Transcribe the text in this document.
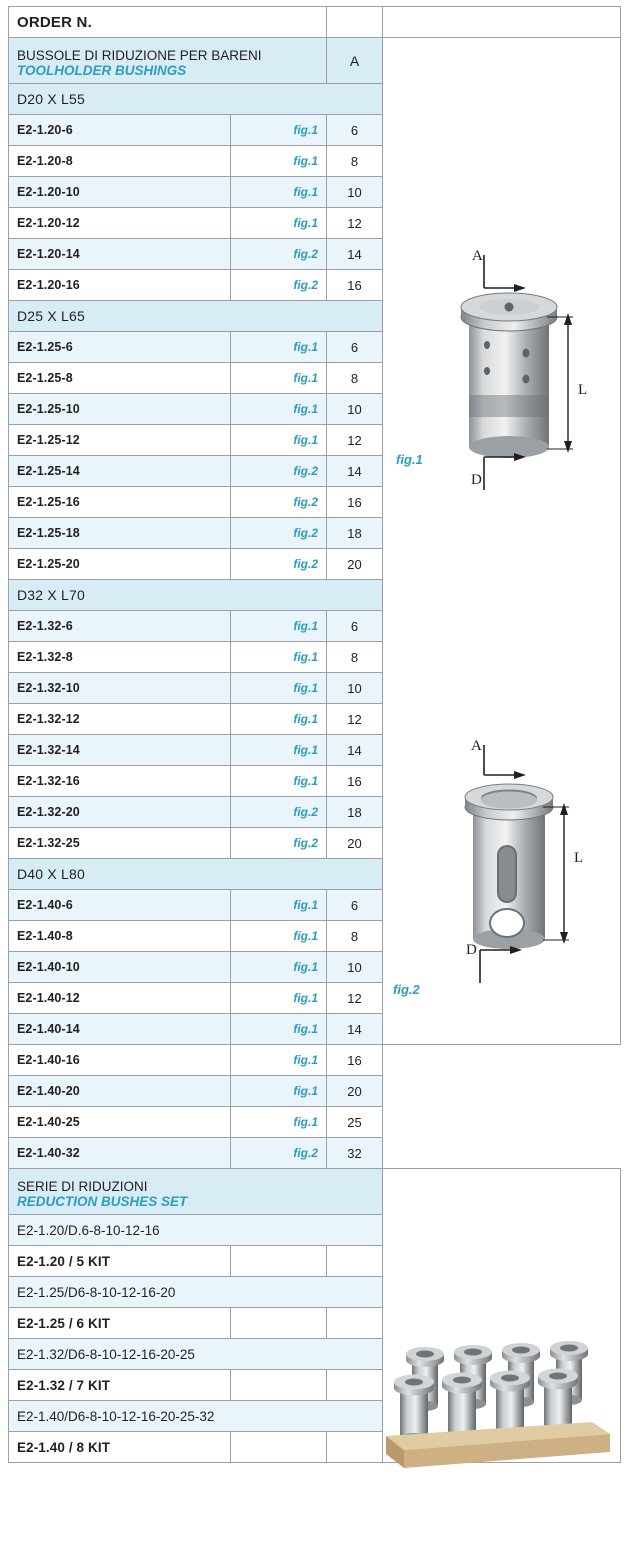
ORDER N.			

BUSSOLE DI RIDUZIONE PER BARENI
TOOLHOLDER BUSHINGS		A	
D20 X L55			
E2-1.20-6	fig.1	6	
E2-1.20-8	fig.1	8	
E2-1.20-10	fig.1	10	
E2-1.20-12	fig.1	12	
E2-1.20-14	fig.2	14	
E2-1.20-16	fig.2	16	
D25 X L65			
E2-1.25-6	fig.1	6	
E2-1.25-8	fig.1	8	
E2-1.25-10	fig.1	10	
E2-1.25-12	fig.1	12	
E2-1.25-14	fig.2	14	
E2-1.25-16	fig.2	16	
E2-1.25-18	fig.2	18	
E2-1.25-20	fig.2	20	
D32 X L70			
E2-1.32-6	fig.1	6	
E2-1.32-8	fig.1	8	
E2-1.32-10	fig.1	10	
E2-1.32-12	fig.1	12	
E2-1.32-14	fig.1	14	
E2-1.32-16	fig.1	16	
E2-1.32-20	fig.2	18	
E2-1.32-25	fig.2	20	
D40 X L80			
E2-1.40-6	fig.1	6	
E2-1.40-8	fig.1	8	
E2-1.40-10	fig.1	10	
E2-1.40-12	fig.1	12	
E2-1.40-14	fig.1	14	
E2-1.40-16	fig.1	16	
E2-1.40-20	fig.1	20	
E2-1.40-25	fig.1	25	
E2-1.40-32	fig.2	32	

SERIE DI RIDUZIONI
REDUCTION BUSHES SET			

E2-1.20/D.6-8-10-12-16			
E2-1.20 / 5 KIT			
E2-1.25/D6-8-10-12-16-20			
E2-1.25 / 6 KIT			
E2-1.32/D6-8-10-12-16-20-25			
E2-1.32 / 7 KIT			
E2-1.40/D6-8-10-12-16-20-25-32			
E2-1.40 / 8 KIT			
A
L
D
fig.1
A
L
D
fig.2
